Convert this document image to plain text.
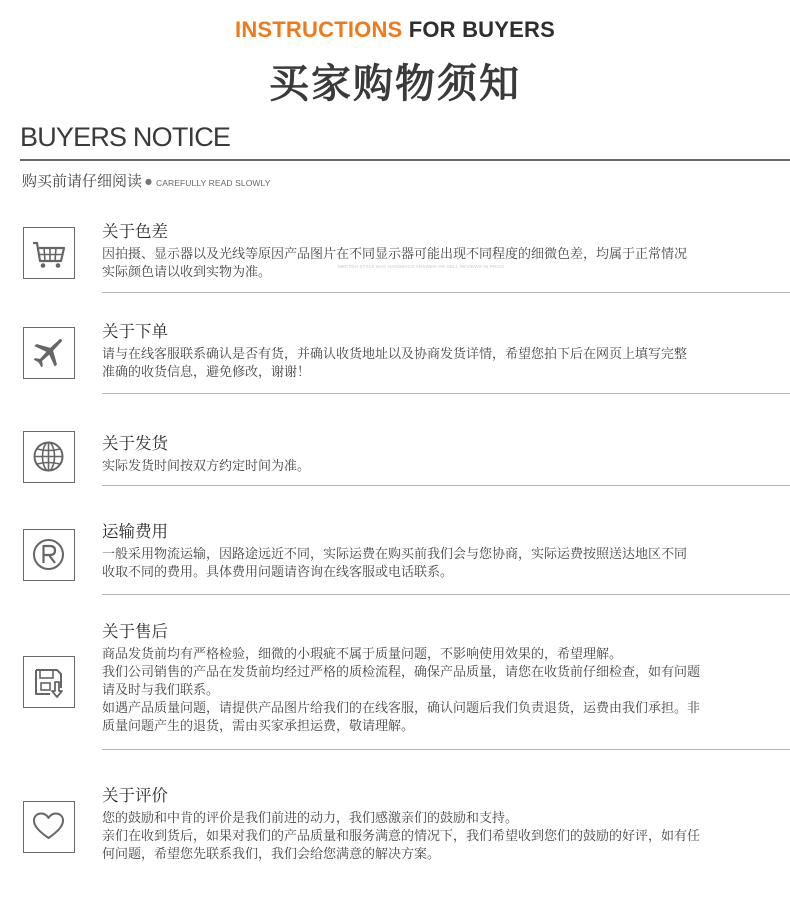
INSTRUCTIONS FOR BUYERS
买家购物须知
BUYERS NOTICE
购买前请仔细阅读 ● CAREFULLY READ SLOWLY
关于色差

因拍摄、显示器以及光线等原因产品图片在不同显示器可能出现不同程度的细微色差，均属于正常情况

实际颜色请以收到实物为准。	MEKTEH STYLE BAG HANDBAGS ANSWER OR SELL REVIEWS IN PRICE
关于下单

请与在线客服联系确认是否有货，并确认收货地址以及协商发货详情，希望您拍下后在网页上填写完整

准确的收货信息，避免修改，谢谢！

关于发货

实际发货时间按双方约定时间为准。

运输费用

一般采用物流运输，因路途远近不同，实际运费在购买前我们会与您协商，实际运费按照送达地区不同

收取不同的费用。具体费用问题请咨询在线客服或电话联系。

关于售后

商品发货前均有严格检验，细微的小瑕疵不属于质量问题，不影响使用效果的，希望理解。

我们公司销售的产品在发货前均经过严格的质检流程，确保产品质量，请您在收货前仔细检查，如有问题

请及时与我们联系。

如遇产品质量问题，请提供产品图片给我们的在线客服，确认问题后我们负责退货，运费由我们承担。非

质量问题产生的退货，需由买家承担运费，敬请理解。

关于评价

您的鼓励和中肯的评价是我们前进的动力，我们感激亲们的鼓励和支持。

亲们在收到货后，如果对我们的产品质量和服务满意的情况下，我们希望收到您们的鼓励的好评，如有任

何问题，希望您先联系我们，我们会给您满意的解决方案。
